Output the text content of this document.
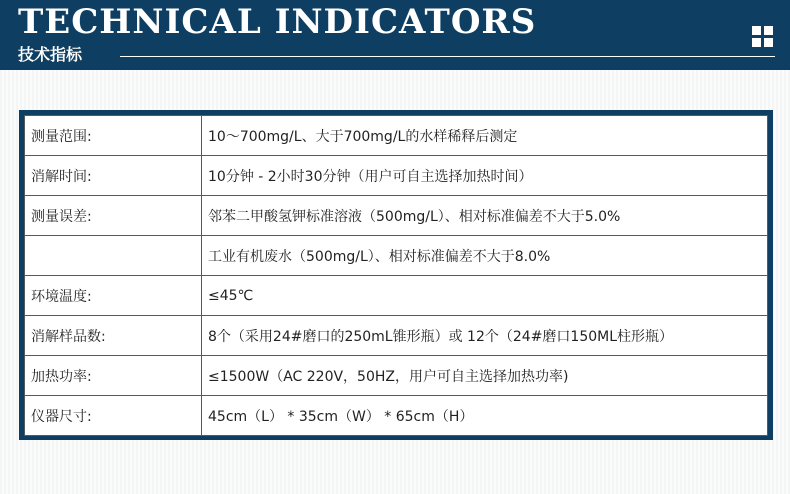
TECHNICAL INDICATORS
技术指标
测量范围:	10～700mg/L、大于700mg/L的水样稀释后测定
消解时间:	10分钟 - 2小时30分钟（用户可自主选择加热时间）
测量误差:	邻苯二甲酸氢钾标准溶液（500mg/L）、相对标准偏差不大于5.0%
	工业有机废水（500mg/L）、相对标准偏差不大于8.0%
环境温度:	≤45℃
消解样品数:	8个（采用24#磨口的250mL锥形瓶）或 12个（24#磨口150ML柱形瓶）
加热功率:	≤1500W（AC 220V，50HZ，用户可自主选择加热功率)
仪器尺寸:	45cm（L） * 35cm（W） * 65cm（H）
